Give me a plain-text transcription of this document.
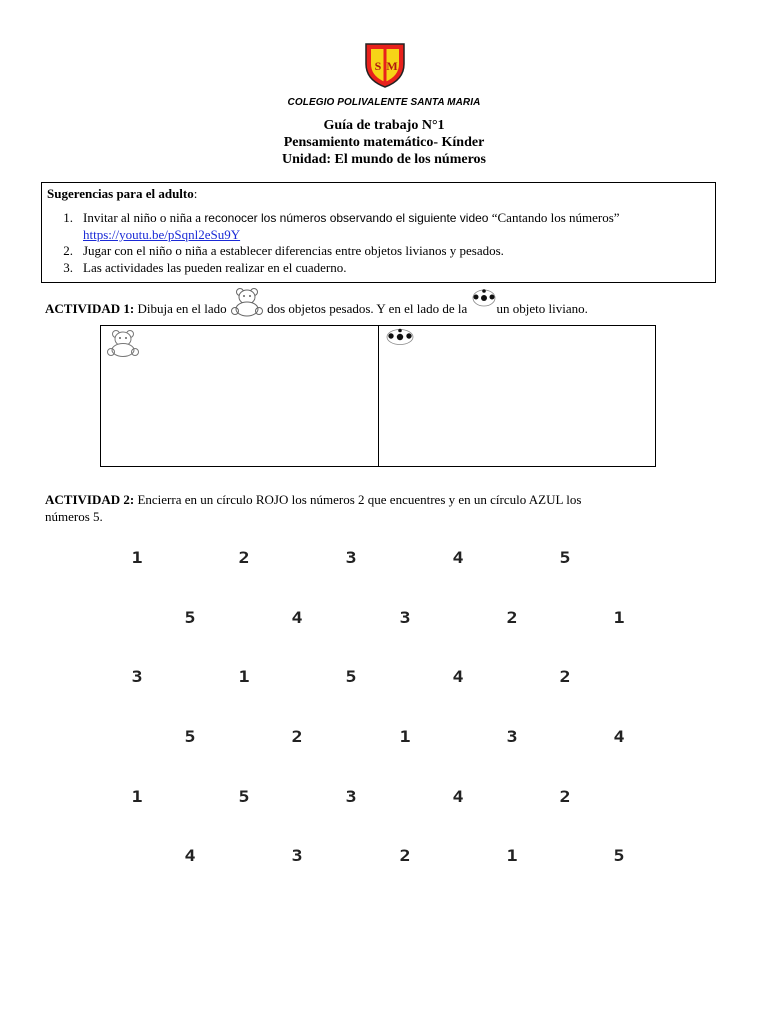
S M
COLEGIO POLIVALENTE SANTA MARIA
Guía de trabajo N°1
Pensamiento matemático- Kínder
Unidad: El mundo de los números
Sugerencias para el adulto:
1. Invitar al niño o niña a reconocer los números observando el siguiente video “Cantando los números”
https://youtu.be/pSqnl2eSu9Y
2. Jugar con el niño o niña a establecer diferencias entre objetos livianos y pesados.
3. Las actividades las pueden realizar en el cuaderno.
ACTIVIDAD 1: Dibuja en el lado	dos objetos pesados. Y en el lado de la un objeto liviano.
ACTIVIDAD 2: Encierra en un círculo ROJO los números 2 que encuentres y en un círculo AZUL los
números 5.
1	2	3	4	5
5	4	3	2	1
3	1	5	4	2
5	2	1	3	4
1	5	3	4	2
4	3	2	1	5
